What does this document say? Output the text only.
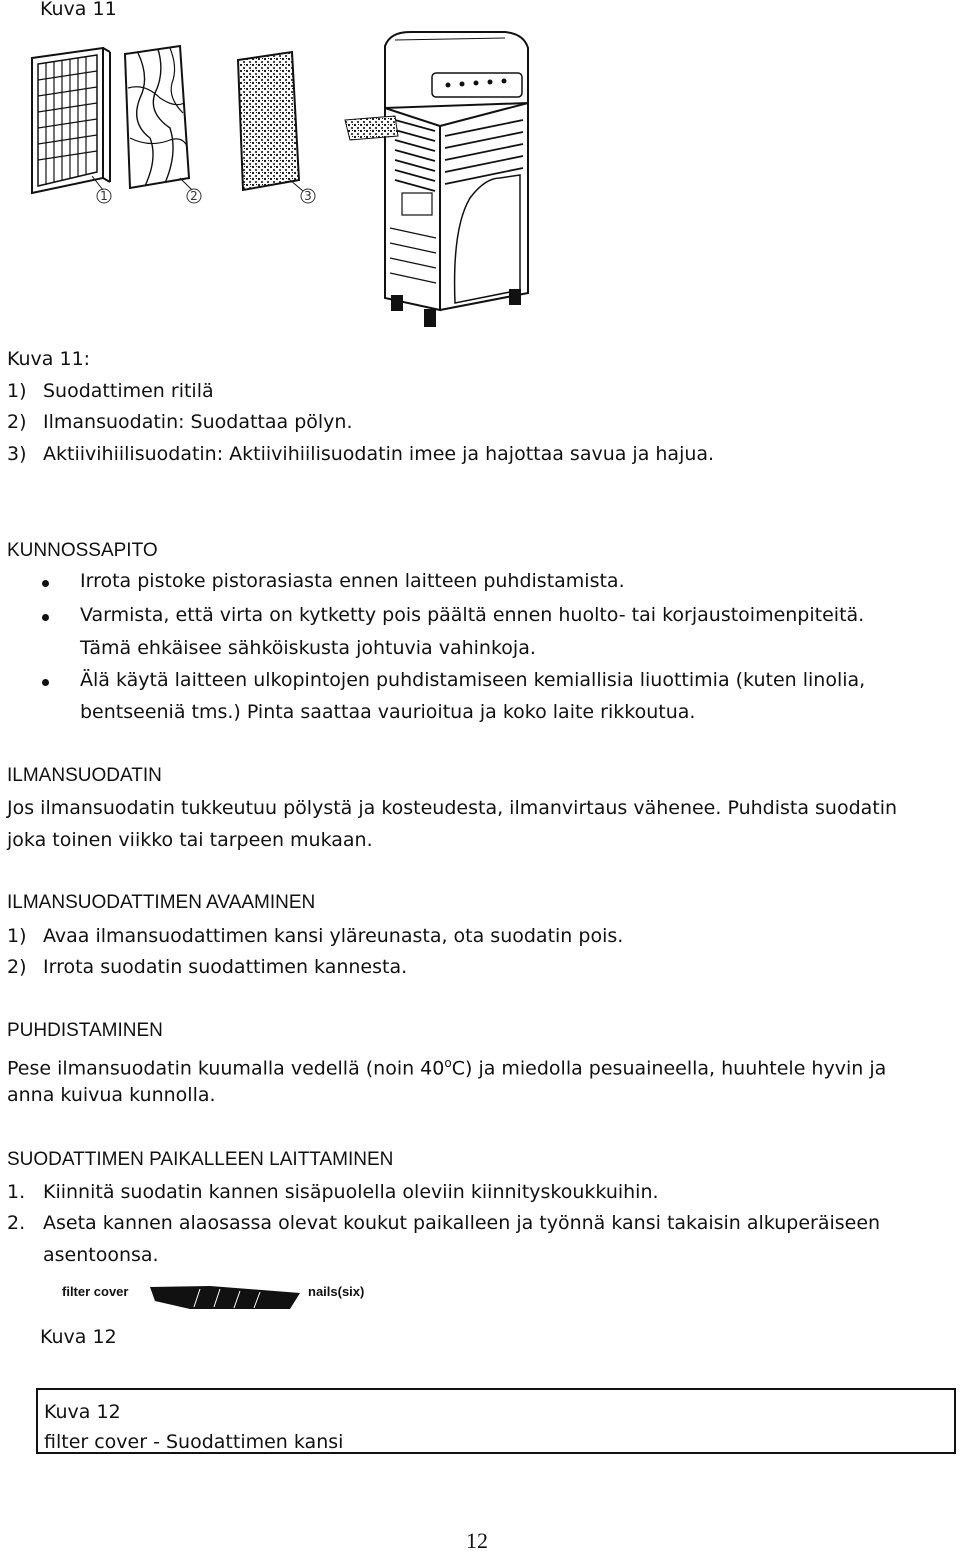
Kuva 11
1	2	3
Kuva 11:
1) Suodattimen ritilä
2) Ilmansuodatin: Suodattaa pölyn.
3) Aktiivihiilisuodatin: Aktiivihiilisuodatin imee ja hajottaa savua ja hajua.
KUNNOSSAPITO
Irrota pistoke pistorasiasta ennen laitteen puhdistamista.
Varmista, että virta on kytketty pois päältä ennen huolto- tai korjaustoimenpiteitä.
Tämä ehkäisee sähköiskusta johtuvia vahinkoja.
Älä käytä laitteen ulkopintojen puhdistamiseen kemiallisia liuottimia (kuten linolia,
bentseeniä tms.) Pinta saattaa vaurioitua ja koko laite rikkoutua.
ILMANSUODATIN
Jos ilmansuodatin tukkeutuu pölystä ja kosteudesta, ilmanvirtaus vähenee. Puhdista suodatin
joka toinen viikko tai tarpeen mukaan.
ILMANSUODATTIMEN AVAAMINEN
1) Avaa ilmansuodattimen kansi yläreunasta, ota suodatin pois.
2) Irrota suodatin suodattimen kannesta.
PUHDISTAMINEN
Pese ilmansuodatin kuumalla vedellä (noin 40$^o$C) ja miedolla pesuaineella, huuhtele hyvin ja
anna kuivua kunnolla.
SUODATTIMEN PAIKALLEEN LAITTAMINEN
1. Kiinnitä suodatin kannen sisäpuolella oleviin kiinnityskoukkuihin.
2. Aseta kannen alaosassa olevat koukut paikalleen ja työnnä kansi takaisin alkuperäiseen
asentoonsa.
filter cover	nails(six)
Kuva 12
Kuva 12
filter cover - Suodattimen kansi
12
